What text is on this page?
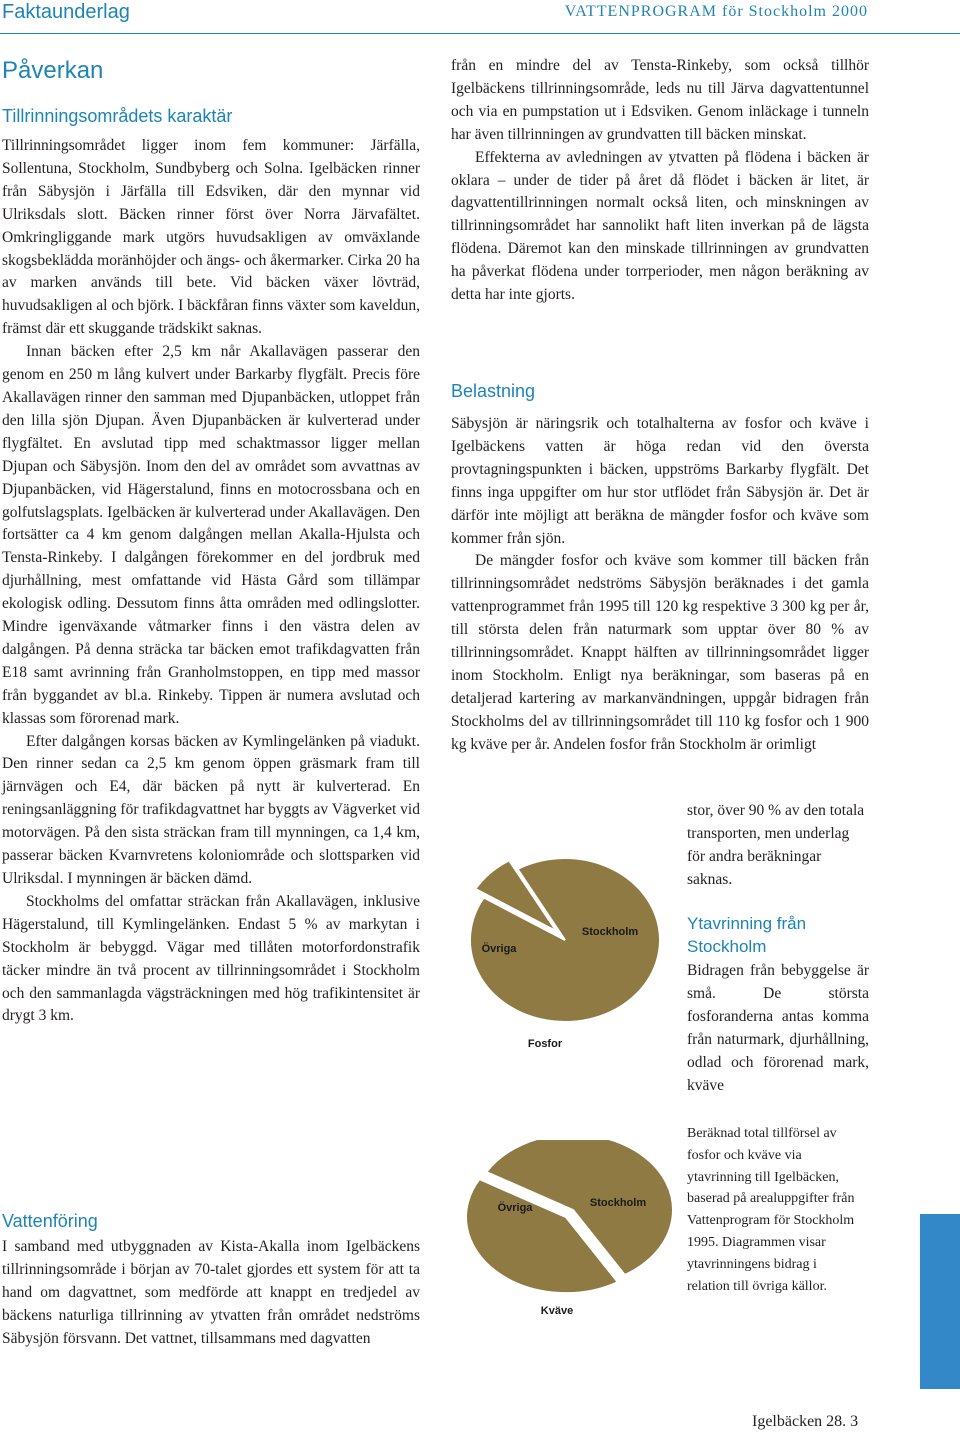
Faktaunderlag	VATTENPROGRAM för Stockholm 2000
Påverkan
Tillrinningsområdets karaktär

Tillrinningsområdet ligger inom fem kommuner: Järfälla, Sollentuna, Stockholm, Sundbyberg och Solna. Igelbäcken rinner från Säbysjön i Järfälla till Edsviken, där den mynnar vid Ulriksdals slott. Bäcken rinner först över Norra Järvafältet. Omkringliggande mark utgörs huvudsakligen av omväxlande skogsbeklädda moränhöjder och ängs- och åkermarker. Cirka 20 ha av marken används till bete. Vid bäcken växer lövträd, huvudsakligen al och björk. I bäckfåran finns växter som kaveldun, främst där ett skuggande trädskikt saknas.

Innan bäcken efter 2,5 km når Akallavägen passerar den genom en 250 m lång kulvert under Barkarby flygfält. Precis före Akallavägen rinner den samman med Djupanbäcken, utloppet från den lilla sjön Djupan. Även Djupanbäcken är kulverterad under flygfältet. En avslutad tipp med schaktmassor ligger mellan Djupan och Säbysjön. Inom den del av området som avvattnas av Djupanbäcken, vid Hägerstalund, finns en motocrossbana och en golfutslagsplats. Igelbäcken är kulverterad under Akallavägen. Den fortsätter ca 4 km genom dalgången mellan Akalla-Hjulsta och Tensta-Rinkeby. I dalgången förekommer en del jordbruk med djurhållning, mest omfattande vid Hästa Gård som tillämpar ekologisk odling. Dessutom finns åtta områden med odlingslotter. Mindre igenväxande våtmarker finns i den västra delen av dalgången. På denna sträcka tar bäcken emot trafikdagvatten från E18 samt avrinning från Granholmstoppen, en tipp med massor från byggandet av bl.a. Rinkeby. Tippen är numera avslutad och klassas som förorenad mark.

Efter dalgången korsas bäcken av Kymlingelänken på viadukt. Den rinner sedan ca 2,5 km genom öppen gräsmark fram till järnvägen och E4, där bäcken på nytt är kulverterad. En reningsanläggning för trafikdagvattnet har byggts av Vägverket vid motorvägen. På den sista sträckan fram till mynningen, ca 1,4 km, passerar bäcken Kvarnvretens koloniområde och slottsparken vid Ulriksdal. I mynningen är bäcken dämd.

Stockholms del omfattar sträckan från Akallavägen, inklusive Hägerstalund, till Kymlingelänken. Endast 5 % av markytan i Stockholm är bebyggd. Vägar med tillåten motorfordonstrafik täcker mindre än två procent av tillrinningsområdet i Stockholm och den sammanlagda vägsträckningen med hög trafikintensitet är drygt 3 km.

Vattenföring

I samband med utbyggnaden av Kista-Akalla inom Igelbäckens tillrinningsområde i början av 70-talet gjordes ett system för att ta hand om dagvattnet, som medförde att knappt en tredjedel av bäckens naturliga tillrinning av ytvatten från området nedströms Säbysjön försvann. Det vattnet, tillsammans med dagvatten

från en mindre del av Tensta-Rinkeby, som också tillhör Igelbäckens tillrinningsområde, leds nu till Järva dagvattentunnel och via en pumpstation ut i Edsviken. Genom inläckage i tunneln har även tillrinningen av grundvatten till bäcken minskat.

Effekterna av avledningen av ytvatten på flödena i bäcken är oklara – under de tider på året då flödet i bäcken är litet, är dagvattentillrinningen normalt också liten, och minskningen av tillrinningsområdet har sannolikt haft liten inverkan på de lägsta flödena. Däremot kan den minskade tillrinningen av grundvatten ha påverkat flödena under torrperioder, men någon beräkning av detta har inte gjorts.

Belastning

Säbysjön är näringsrik och totalhalterna av fosfor och kväve i Igelbäckens vatten är höga redan vid den översta provtagningspunkten i bäcken, uppströms Barkarby flygfält. Det finns inga uppgifter om hur stor utflödet från Säbysjön är. Det är därför inte möjligt att beräkna de mängder fosfor och kväve som kommer från sjön.

De mängder fosfor och kväve som kommer till bäcken från tillrinningsområdet nedströms Säbysjön beräknades i det gamla vattenprogrammet från 1995 till 120 kg respektive 3 300 kg per år, till största delen från naturmark som upptar över 80 % av tillrinningsområdet. Knappt hälften av tillrinningsområdet ligger inom Stockholm. Enligt nya beräkningar, som baseras på en detaljerad kartering av markanvändningen, uppgår bidragen från Stockholms del av tillrinningsområdet till 110 kg fosfor och 1 900 kg kväve per år. Andelen fosfor från Stockholm är orimligt

stor, över 90 % av den totala transporten, men underlag för andra beräkningar saknas.

Ytavrinning från Stockholm

Bidragen från bebyggelse är små. De största fosforanderna antas komma från naturmark, djurhållning, odlad och förorenad mark, kväve

Beräknad total tillförsel av fosfor och kväve via ytavrinning till Igelbäcken, baserad på arealuppgifter från Vattenprogram för Stockholm 1995. Diagrammen visar ytavrinningens bidrag i relation till övriga källor.
Stockholm
Övriga
Fosfor
Stockholm
Övriga
Kväve
Igelbäcken 28. 3
